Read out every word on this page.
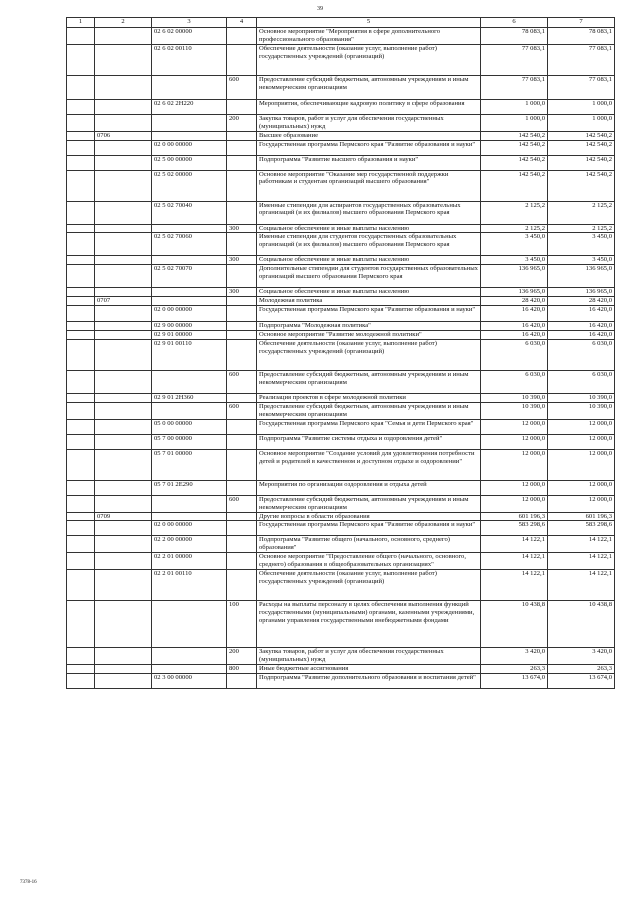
39
1	2	3	4	5	6	7
		02 6 02 00000		Основное мероприятие "Мероприятия в сфере дополнительного профессионального образования"	78 083,1	78 083,1
		02 6 02 00110		Обеспечение деятельности (оказание услуг, выполнение работ) государственных учреждений (организаций)	77 083,1	77 083,1
			600	Предоставление субсидий бюджетным, автономным учреждениям и иным некоммерческим организациям	77 083,1	77 083,1
		02 6 02 2Н220		Мероприятия, обеспечивающие кадровую политику в сфере образования	1 000,0	1 000,0
			200	Закупка товаров, работ и услуг для обеспечения государственных (муниципальных) нужд	1 000,0	1 000,0
	0706			Высшее образование	142 540,2	142 540,2
		02 0 00 00000		Государственная программа Пермского края "Развитие образования и науки"	142 540,2	142 540,2
		02 5 00 00000		Подпрограмма "Развитие высшего образования и науки"	142 540,2	142 540,2
		02 5 02 00000		Основное мероприятие "Оказание мер государственной поддержки работникам и студентам организаций высшего образования"	142 540,2	142 540,2
		02 5 02 70040		Именные стипендии для аспирантов государственных образовательных организаций (и их филиалов) высшего образования Пермского края	2 125,2	2 125,2
			300	Социальное обеспечение и иные выплаты населению	2 125,2	2 125,2
		02 5 02 70060		Именные стипендии для студентов государственных образовательных организаций (и их филиалов) высшего образования Пермского края	3 450,0	3 450,0
			300	Социальное обеспечение и иные выплаты населению	3 450,0	3 450,0
		02 5 02 70070		Дополнительные стипендии для студентов государственных образовательных организаций высшего образования Пермского края	136 965,0	136 965,0
			300	Социальное обеспечение и иные выплаты населению	136 965,0	136 965,0
	0707			Молодежная политика	28 420,0	28 420,0
		02 0 00 00000		Государственная программа Пермского края "Развитие образования и науки"	16 420,0	16 420,0
		02 9 00 00000		Подпрограмма "Молодежная политика"	16 420,0	16 420,0
		02 9 01 00000		Основное мероприятие "Развитие молодежной политики"	16 420,0	16 420,0
		02 9 01 00110		Обеспечение деятельности (оказание услуг, выполнение работ) государственных учреждений (организаций)	6 030,0	6 030,0
			600	Предоставление субсидий бюджетным, автономным учреждениям и иным некоммерческим организациям	6 030,0	6 030,0
		02 9 01 2Н360		Реализация проектов в сфере молодежной политики	10 390,0	10 390,0
			600	Предоставление субсидий бюджетным, автономным учреждениям и иным некоммерческим организациям	10 390,0	10 390,0
		05 0 00 00000		Государственная программа Пермского края "Семья и дети Пермского края"	12 000,0	12 000,0
		05 7 00 00000		Подпрограмма "Развитие системы отдыха и оздоровления детей"	12 000,0	12 000,0
		05 7 01 00000		Основное мероприятие "Создание условий для удовлетворения потребности детей и родителей в качественном и доступном отдыхе и оздоровлении"	12 000,0	12 000,0
		05 7 01 2Е290		Мероприятия по организации оздоровления и отдыха детей	12 000,0	12 000,0
			600	Предоставление субсидий бюджетным, автономным учреждениям и иным некоммерческим организациям	12 000,0	12 000,0
	0709			Другие вопросы в области образования	601 196,3	601 196,3
		02 0 00 00000		Государственная программа Пермского края "Развитие образования и науки"	583 298,6	583 298,6
		02 2 00 00000		Подпрограмма "Развитие общего (начального, основного, среднего) образования"	14 122,1	14 122,1
		02 2 01 00000		Основное мероприятие "Предоставление общего (начального, основного, среднего) образования в общеобразовательных организациях"	14 122,1	14 122,1
		02 2 01 00110		Обеспечение деятельности (оказание услуг, выполнение работ) государственных учреждений (организаций)	14 122,1	14 122,1
			100	Расходы на выплаты персоналу в целях обеспечения выполнения функций государственными (муниципальными) органами, казенными учреждениями, органами управления государственными внебюджетными фондами	10 438,8	10 438,8
			200	Закупка товаров, работ и услуг для обеспечения государственных (муниципальных) нужд	3 420,0	3 420,0
			800	Иные бюджетные ассигнования	263,3	263,3
		02 3 00 00000		Подпрограмма "Развитие дополнительного образования и воспитания детей"	13 674,0	13 674,0
7378-16
